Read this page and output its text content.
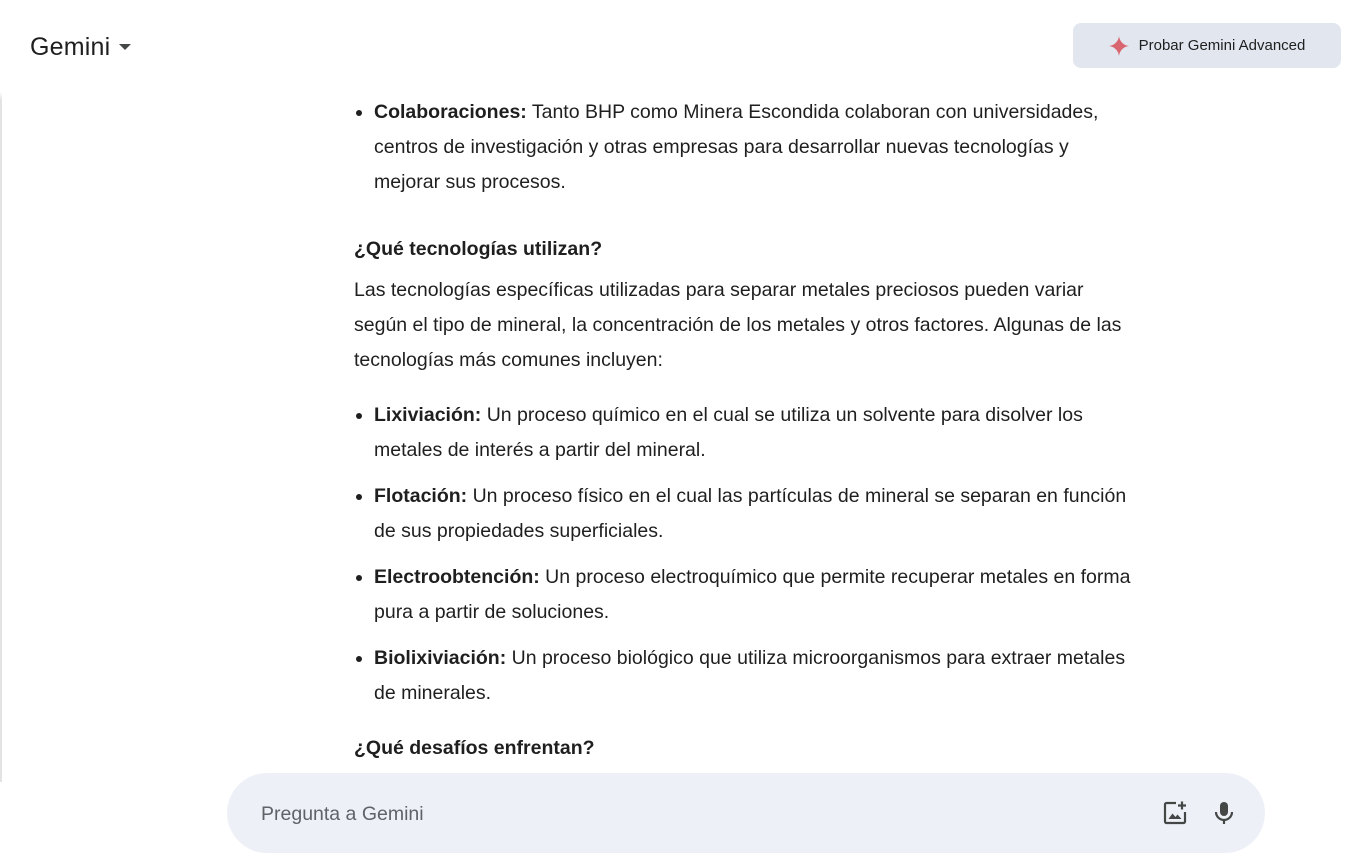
• Colaboraciones: Tanto BHP como Minera Escondida colaboran con universidades, centros de investigación y otras empresas para desarrollar nuevas tecnologías y mejorar sus procesos.
¿Qué tecnologías utilizan?

Las tecnologías específicas utilizadas para separar metales preciosos pueden variar según el tipo de mineral, la concentración de los metales y otros factores. Algunas de las tecnologías más comunes incluyen:

• Lixiviación: Un proceso químico en el cual se utiliza un solvente para disolver los metales de interés a partir del mineral.
• Flotación: Un proceso físico en el cual las partículas de mineral se separan en función de sus propiedades superficiales.
• Electroobtención: Un proceso electroquímico que permite recuperar metales en forma pura a partir de soluciones.
• Biolixiviación: Un proceso biológico que utiliza microorganismos para extraer metales de minerales.
¿Qué desafíos enfrentan?
Gemini	Probar Gemini Advanced
Pregunta a Gemini
